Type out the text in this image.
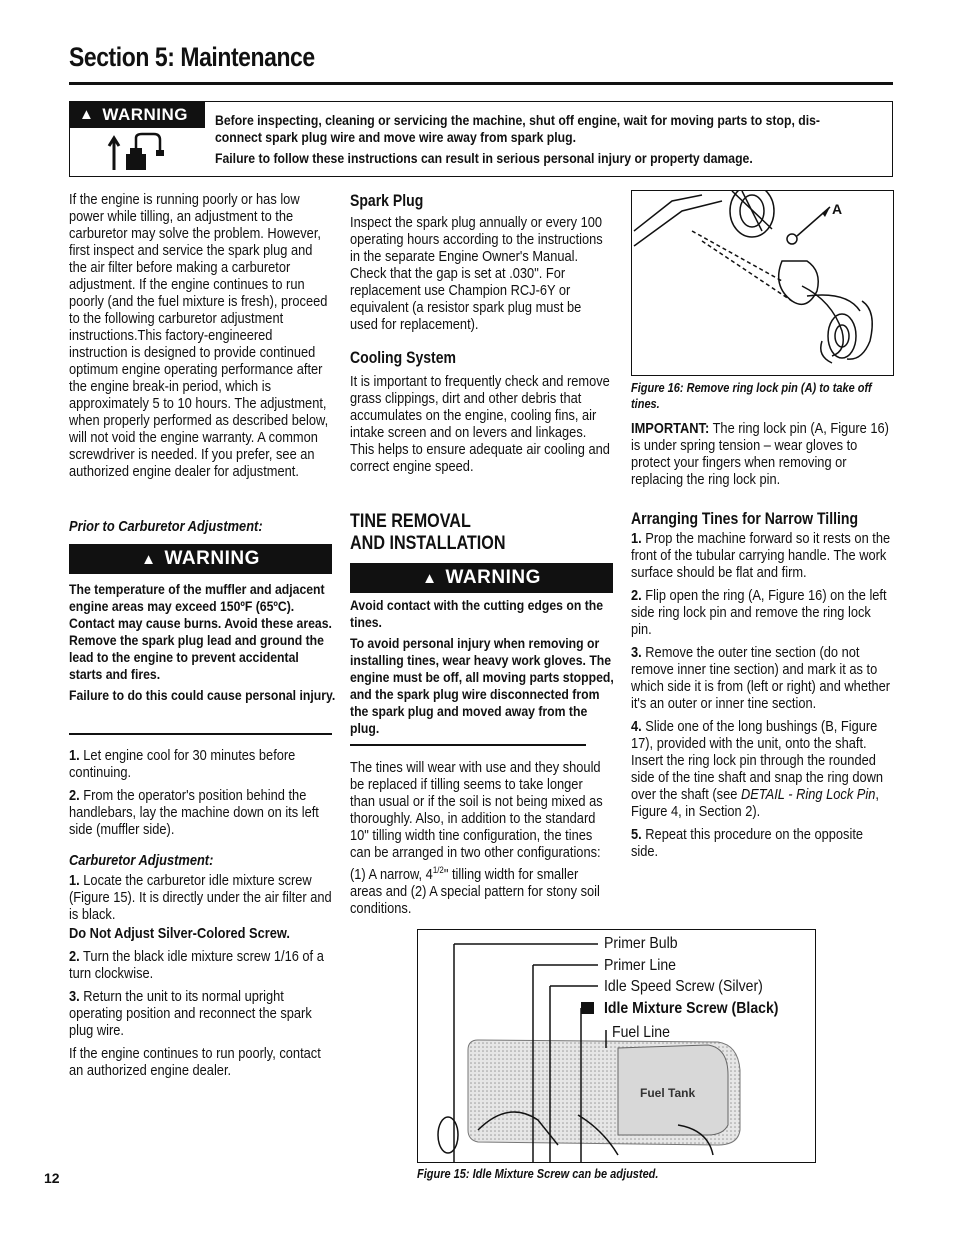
Section 5: Maintenance
▲ WARNING Before inspecting, cleaning or servicing the machine, shut off engine, wait for moving parts to stop, dis-
connect spark plug wire and move wire away from spark plug.
Failure to follow these instructions can result in serious personal injury or property damage.

If the engine is running poorly or has low power while tilling, an adjustment to the carburetor may solve the problem. However, first inspect and service the spark plug and the air filter before making a carburetor adjustment. If the engine continues to run poorly (and the fuel mixture is fresh), proceed to the following carburetor adjustment instructions.This factory-engineered instruction is designed to provide continued optimum engine operating performance after the engine break-in period, which is approximately 5 to 10 hours. The adjustment, when properly performed as described below, will not void the engine warranty. A common screwdriver is needed. If you prefer, see an authorized engine dealer for adjustment.

Prior to Carburetor Adjustment:
▲ WARNING

The temperature of the muffler and adjacent engine areas may exceed 150ºF (65ºC). Contact may cause burns. Avoid these areas. Remove the spark plug lead and ground the lead to the engine to prevent accidental starts and fires.

Failure to do this could cause personal injury.

1. Let engine cool for 30 minutes before continuing.

2. From the operator's position behind the handlebars, lay the machine down on its left side (muffler side).

Carburetor Adjustment:

1. Locate the carburetor idle mixture screw (Figure 15). It is directly under the air filter and is black.

Do Not Adjust Silver-Colored Screw.

2. Turn the black idle mixture screw 1/16 of a turn clockwise.

3. Return the unit to its normal upright operating position and reconnect the spark plug wire.

If the engine continues to run poorly, contact an authorized engine dealer.

Spark Plug

Inspect the spark plug annually or every 100 operating hours according to the instructions in the separate Engine Owner's Manual. Check that the gap is set at .030". For replacement use Champion RCJ-6Y or equivalent (a resistor spark plug must be used for replacement).

Cooling System

It is important to frequently check and remove grass clippings, dirt and other debris that accumulates on the engine, cooling fins, air intake screen and on levers and linkages. This helps to ensure adequate air cooling and correct engine speed.

TINE REMOVAL
AND INSTALLATION
▲ WARNING

Avoid contact with the cutting edges on the tines.

To avoid personal injury when removing or installing tines, wear heavy work gloves. The engine must be off, all moving parts stopped, and the spark plug wire disconnected from the spark plug and moved away from the plug.

The tines will wear with use and they should be replaced if tilling seems to take longer than usual or if the soil is not being mixed as thoroughly. Also, in addition to the standard 10" tilling width tine configuration, the tines can be arranged in two other configurations: (1) A narrow, $4^{1/2}$" tilling width for smaller areas and (2) A special pattern for stony soil conditions.

A

Figure 16: Remove ring lock pin (A) to take off tines.

IMPORTANT: The ring lock pin (A, Figure 16) is under spring tension – wear gloves to protect your fingers when removing or replacing the ring lock pin.

Arranging Tines for Narrow Tilling

1. Prop the machine forward so it rests on the front of the tubular carrying handle. The work surface should be flat and firm.

2. Flip open the ring (A, Figure 16) on the left side ring lock pin and remove the ring lock pin.

3. Remove the outer tine section (do not remove inner tine section) and mark it as to which side it is from (left or right) and whether it's an outer or inner tine section.

4. Slide one of the long bushings (B, Figure 17), provided with the unit, onto the shaft. Insert the ring lock pin through the rounded side of the tine shaft and snap the ring down over the shaft (see DETAIL - Ring Lock Pin, Figure 4, in Section 2).

5. Repeat this procedure on the opposite side.

Primer Bulb
Primer Line
Idle Speed Screw (Silver)
Idle Mixture Screw (Black)
Fuel Line
Fuel Tank

Figure 15: Idle Mixture Screw can be adjusted.

12
